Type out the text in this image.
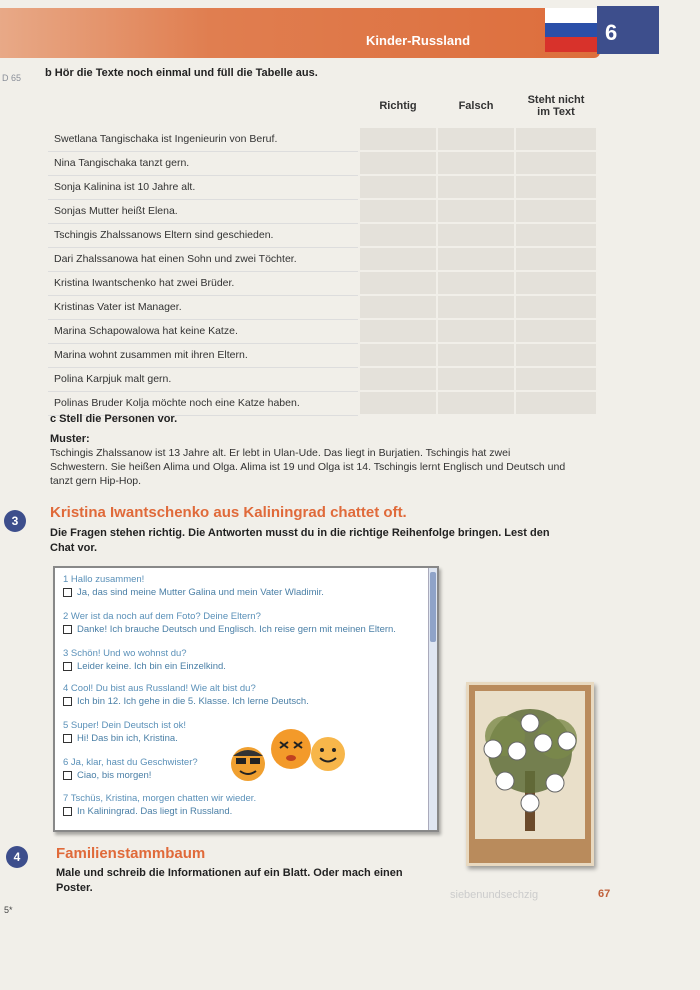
Kinder-Russland	6
D 65 b Hör die Texte noch einmal und füll die Tabelle aus.
	Richtig	Falsch	Steht nicht im Text
Swetlana Tangischaka ist Ingenieurin von Beruf.			
Nina Tangischaka tanzt gern.			
Sonja Kalinina ist 10 Jahre alt.			
Sonjas Mutter heißt Elena.			
Tschingis Zhalssanows Eltern sind geschieden.			
Dari Zhalssanowa hat einen Sohn und zwei Töchter.			
Kristina Iwantschenko hat zwei Brüder.			
Kristinas Vater ist Manager.			
Marina Schapowalowa hat keine Katze.			
Marina wohnt zusammen mit ihren Eltern.			
Polina Karpjuk malt gern.			
Polinas Bruder Kolja möchte noch eine Katze haben.			
c Stell die Personen vor.
Muster:
Tschingis Zhalssanow ist 13 Jahre alt. Er lebt in Ulan-Ude. Das liegt in Burjatien. Tschingis hat zwei Schwestern. Sie heißen Alima und Olga. Alima ist 19 und Olga ist 14. Tschingis lernt Englisch und Deutsch und tanzt gern Hip-Hop.
3	Kristina Iwantschenko aus Kaliningrad chattet oft.
Die Fragen stehen richtig. Die Antworten musst du in die richtige Reihenfolge bringen. Lest den Chat vor.
1 Hallo zusammen!
Ja, das sind meine Mutter Galina und mein Vater Wladimir.
2 Wer ist da noch auf dem Foto? Deine Eltern?
Danke! Ich brauche Deutsch und Englisch. Ich reise gern mit meinen Eltern.
3 Schön! Und wo wohnst du?
Leider keine. Ich bin ein Einzelkind.
4 Cool! Du bist aus Russland! Wie alt bist du?
Ich bin 12. Ich gehe in die 5. Klasse. Ich lerne Deutsch.
5 Super! Dein Deutsch ist ok!
Hi! Das bin ich, Kristina.
6 Ja, klar, hast du Geschwister?
Ciao, bis morgen!
7 Tschüs, Kristina, morgen chatten wir wieder.
In Kaliningrad. Das liegt in Russland.
4	Familienstammbaum
Male und schreib die Informationen auf ein Blatt. Oder mach einen Poster.
siebenundsechzig	67
5*
